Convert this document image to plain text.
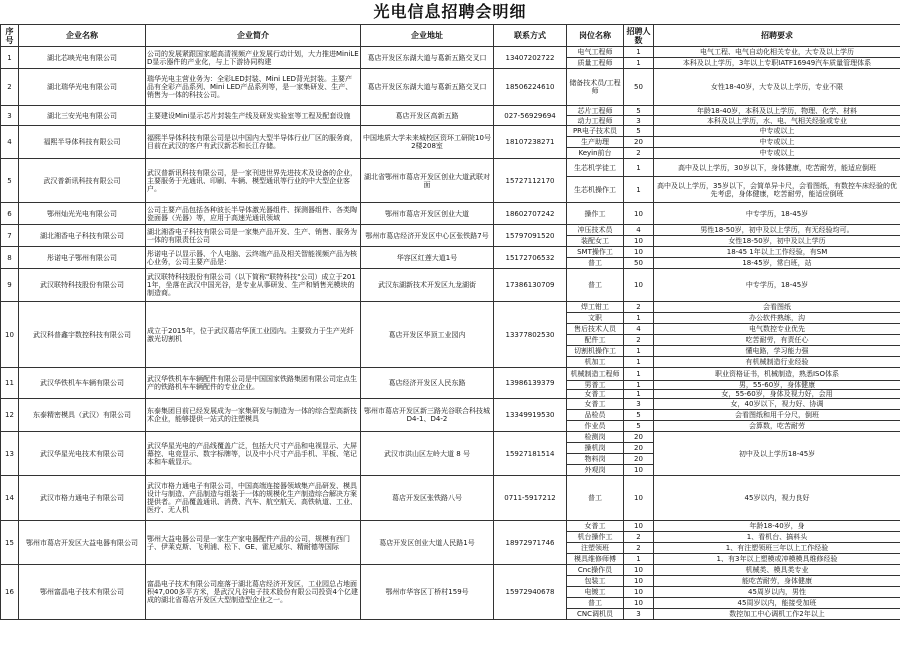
光电信息招聘会明细
序号	企业名称	企业简介	企业地址	联系方式	岗位名称	招聘人数	招聘要求
1	湖北芯映光电有限公司	公司的发展紧跟国家超高清视频产业发展行动计划，大力推进MiniLED显示器件的产业化，与上下游协同构建	葛店开发区东湖大道与葛新五路交叉口	13407202722	电气工程师	1	电气工程、电气自动化相关专业，大专及以上学历
					质量工程师	1	本科及以上学历，3年以上专职IATF16949汽车质量管理体系
2	湖北瑞华光电有限公司	瑞华光电主营业务为：全彩LED封装、Mini LED背光封装。主要产品有全彩产品系列、Mini LED产品系列等，是一家集研发、生产、销售为一体的科技公司。	葛店开发区东湖大道与葛新五路交叉口	18506224610	储备技术员/工程师	50	女性18-40岁，大专及以上学历，专业不限
3	湖北三安光电有限公司	主要建设Mini显示芯片封装生产线及研发实验室等工程及配套设施	葛店开发区高新五路	027-56929694	芯片工程师	5	年龄18-40岁，本科及以上学历，物理、化学、材料
					动力工程师	3	本科及以上学历，水、电、气相关经验或专业
4	福熙半导体科技有限公司	福熙半导体科技有限公司是以中国内大型半导体行业厂区的服务商，目前在武汉的客户有武汉新芯和长江存储。	中国地质大学未来城校区资环工研院10号2楼208室	18107238271	PR电子技术员	5	中专或以上
					生产助理	20	中专或以上
					Keyin前台	2	中专或以上
5	武汉普新讯科技有限公司	武汉普新讯科技有限公司，是一家刊进世界先进技术及设备的企业，主要服务于光通讯、印刷、车辆、模型通讯等行业的中大型企业客户。	湖北省鄂州市葛店开发区创业大道武联对面	15727112170	生芯机学徒工	1	高中及以上学历，30岁以下，身体健康，吃苦耐劳，能适应倒班
					生芯机操作工	1	高中及以上学历，35岁以下，会简单异卡尺，会看图纸，有数控车床经验的优先考虑，身体健康，吃苦耐劳，能适应倒班
6	鄂州灿光光电有限公司	公司主要产品包括各种波长半导体激光器组件、探测器组件、各类陶瓷面器（光器）等，应用于高速光通讯领域	鄂州市葛店开发区创业大道	18602707242	操作工	10	中专学历，18-45岁
7	湖北湘香电子科技有限公司	湖北湘香电子科技有限公司是一家集产品开发、生产、销售、服务为一体的有限责任公司	鄂州市葛店经济开发区中心区张铁路7号	15797091520	冲压技术员	4	男性18-50岁，初中及以上学历，有无经验均可。
					装配女工	10	女性18-50岁，初中及以上学历
8	彤诺电子鄂州有限公司	彤诺电子以显示器、个人电脑、云终端产品及相关智能视频产品为核心业务，公司主要产品是：	华容区红莲大道1号	15172706532	SMT操作工	10	18-45 1年以上工作经验，有SM
					普工	50	18-45岁，常白班，站
9	武汉联特科技股份有限公司	武汉联特科技股份有限公司（以下简称"联特科技"公司）成立于2011年，坐落在武汉中国光谷，是专业从事研发、生产和销售光模块的制造商。	武汉东湖新技术开发区九龙湖街	17386130709	普工	10	中专学历，18-45岁
10	武汉科普鑫宇数控科技有限公司	成立于2015年，位于武汉葛店华顶工业园内。主要致力于生产光纤激光切割机	葛店开发区华顶工业园内	13377802530	焊工钳工	2	会看图纸
					文职	1	办公软件熟练，沟
					售后技术人员	4	电气数控专业优先
					配件工	2	吃苦耐劳，有责任心
					切割机操作工	1	懂电路，学习能力强
					机加工	1	有机械制造行业经验
11	武汉华铁机车车辆有限公司	武汉华铁机车车辆配件有限公司是中国国家铁路集团有限公司定点生产的铁路机车车辆配件的专业企业。	葛店经济开发区人民东路	13986139379	机械制造工程师	1	职业资格证书，机械制造，熟悉ISO体系
					男普工	1	男，55-60岁，身体健康
					女普工	1	女，55-60岁，身体及视力好，会用
12	东泰精密模具（武汉）有限公司	东泰集团目前已经发展成为一家集研发与制造为一体的综合型高新技术企业，能够提供一站式的注塑模具	鄂州市葛店开发区新三路光谷联合科技城D4-1、D4-2	13349919530	女普工	3	女，40岁以下，视力好、协调
					品检员	5	会看图纸和用千分尺，倒班
					作业员	5	会算数，吃苦耐劳
13	武汉华星光电技术有限公司	武汉华星光电的产品线覆盖广泛，包括大尺寸产品和电视显示、大屏幕控、电竞显示、数字标牌等，以及中小尺寸产品手机、平板、笔记本和车载显示。	武汉市洪山区左岭大道 8 号	15927181514	检测岗	20	初中及以上学历18-45岁
					操机岗	20	
					物料岗	20	
					外观岗	10	
14	武汉市格力通电子有限公司	武汉市格力通电子有限公司，中国高端连接器领域集产品研发、模具设计与制造、产品制造与组装于一体的规模化生产制造综合解决方案提供者。产品覆盖通讯、消费、汽车、航空航天、高铁轨道、工业、医疗、无人机	葛店开发区张铁路八号	0711-5917212	普工	10	45岁以内，视力良好
15	鄂州市葛店开发区大益电器有限公司	鄂州大益电器公司是一家生产家电器配件产品的公司，规模有西门子、伊莱克斯、飞利浦、松下、GE、霍尼威尔、精耐德等国际	葛店开发区创业大道人民路1号	18972971746	女普工	10	年龄18-40岁，身
					机台操作工	2	1、看机台、搞料头
					注塑领班	2	1、有注塑领班三年以上工作经验
					模具维修师傅	1	1、有3年以上塑模或冲模模具维修经验
16	鄂州富晶电子技术有限公司	富晶电子技术有限公司座落于湖北葛店经济开发区，工业园总占地面积47,000多平方米，是武汉凡谷电子技术股份有限公司投资4个亿建成的湖北省葛店开发区大型制造型企业之一。	鄂州市华容区丁桥村159号	15972940678	Cnc操作员	10	机械类、模具类专业
					包装工	10	能吃苦耐劳，身体健康
					电镀工	10	45周岁以内，男性
					普工	10	45周岁以内，能接受加班
					CNC调机员	3	数控加工中心调机工作2年以上
